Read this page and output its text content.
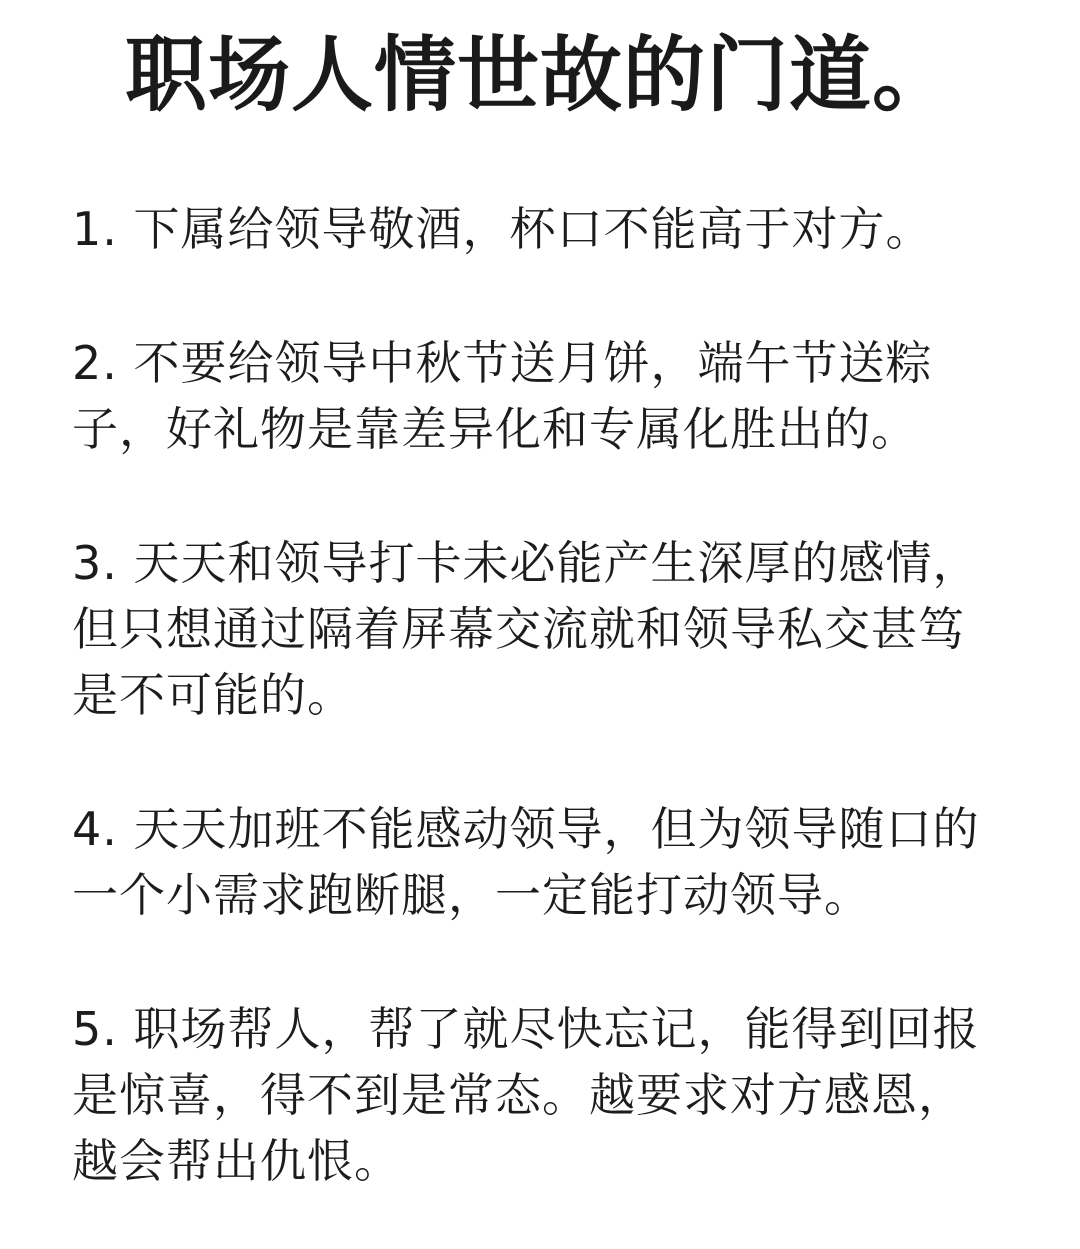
职场人情世故的门道。
1. 下属给领导敬酒，杯口不能高于对方。
2. 不要给领导中秋节送月饼，端午节送粽子，好礼物是靠差异化和专属化胜出的。
3. 天天和领导打卡未必能产生深厚的感情，但只想通过隔着屏幕交流就和领导私交甚笃是不可能的。
4. 天天加班不能感动领导，但为领导随口的一个小需求跑断腿，一定能打动领导。
5. 职场帮人，帮了就尽快忘记，能得到回报是惊喜，得不到是常态。越要求对方感恩，越会帮出仇恨。
